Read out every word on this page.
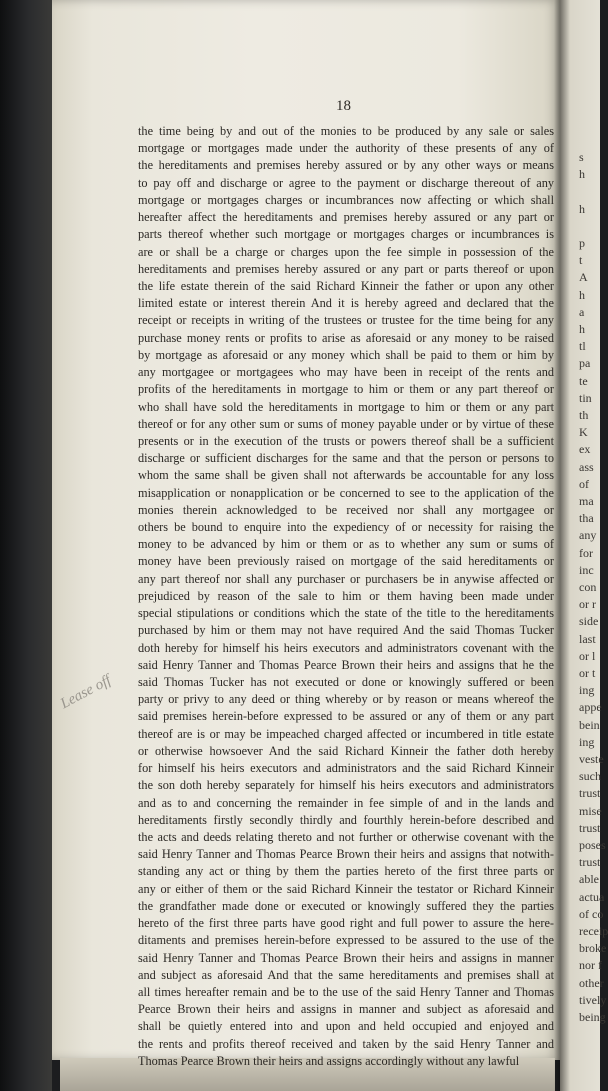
s
h
h
p
t
A
h
a
h
tl
pa
te
tin
th
K
ex
ass
of
ma
tha
any
for
inc
con
or r
side
last
or l
or t
ing
appe
bein
ing
veste
such
trust
mise
trust
poses
trust
able
actua
of co
receip
broke
nor f
other
tively
being
18
Lease off
the time being by and out of the monies to be produced by any sale or sales
mortgage or mortgages made under the authority of these presents of any of
the hereditaments and premises hereby assured or by any other ways or means
to pay off and discharge or agree to the payment or discharge thereout of any
mortgage or mortgages charges or incumbrances now affecting or which shall
hereafter affect the hereditaments and premises hereby assured or any part or
parts thereof whether such mortgage or mortgages charges or incumbrances is
are or shall be a charge or charges upon the fee simple in possession of the
hereditaments and premises hereby assured or any part or parts thereof or upon
the life estate therein of the said Richard Kinneir the father or upon any other
limited estate or interest therein And it is hereby agreed and declared that the
receipt or receipts in writing of the trustees or trustee for the time being for any
purchase money rents or profits to arise as aforesaid or any money to be raised
by mortgage as aforesaid or any money which shall be paid to them or him by
any mortgagee or mortgagees who may have been in receipt of the rents and
profits of the hereditaments in mortgage to him or them or any part thereof or
who shall have sold the hereditaments in mortgage to him or them or any part
thereof or for any other sum or sums of money payable under or by virtue of these
presents or in the execution of the trusts or powers thereof shall be a sufficient
discharge or sufficient discharges for the same and that the person or persons to
whom the same shall be given shall not afterwards be accountable for any loss
misapplication or nonapplication or be concerned to see to the application of the
monies therein acknowledged to be received nor shall any mortgagee or
others be bound to enquire into the expediency of or necessity for raising the
money to be advanced by him or them or as to whether any sum or sums of
money have been previously raised on mortgage of the said hereditaments or
any part thereof nor shall any purchaser or purchasers be in anywise affected or
prejudiced by reason of the sale to him or them having been made under
special stipulations or conditions which the state of the title to the hereditaments
purchased by him or them may not have required And the said Thomas Tucker
doth hereby for himself his heirs executors and administrators covenant with the
said Henry Tanner and Thomas Pearce Brown their heirs and assigns that he the
said Thomas Tucker has not executed or done or knowingly suffered or been
party or privy to any deed or thing whereby or by reason or means whereof the
said premises herein-before expressed to be assured or any of them or any part
thereof are is or may be impeached charged affected or incumbered in title estate
or otherwise howsoever And the said Richard Kinneir the father doth hereby
for himself his heirs executors and administrators and the said Richard Kinneir
the son doth hereby separately for himself his heirs executors and administrators
and as to and concerning the remainder in fee simple of and in the lands and
hereditaments firstly secondly thirdly and fourthly herein-before described and
the acts and deeds relating thereto and not further or otherwise covenant with the
said Henry Tanner and Thomas Pearce Brown their heirs and assigns that notwith-
standing any act or thing by them the parties hereto of the first three parts or
any or either of them or the said Richard Kinneir the testator or Richard Kinneir
the grandfather made done or executed or knowingly suffered they the parties
hereto of the first three parts have good right and full power to assure the here-
ditaments and premises herein-before expressed to be assured to the use of the
said Henry Tanner and Thomas Pearce Brown their heirs and assigns in manner
and subject as aforesaid And that the same hereditaments and premises shall at
all times hereafter remain and be to the use of the said Henry Tanner and Thomas
Pearce Brown their heirs and assigns in manner and subject as aforesaid and
shall be quietly entered into and upon and held occupied and enjoyed and
the rents and profits thereof received and taken by the said Henry Tanner and
Thomas Pearce Brown their heirs and assigns accordingly without any lawful
